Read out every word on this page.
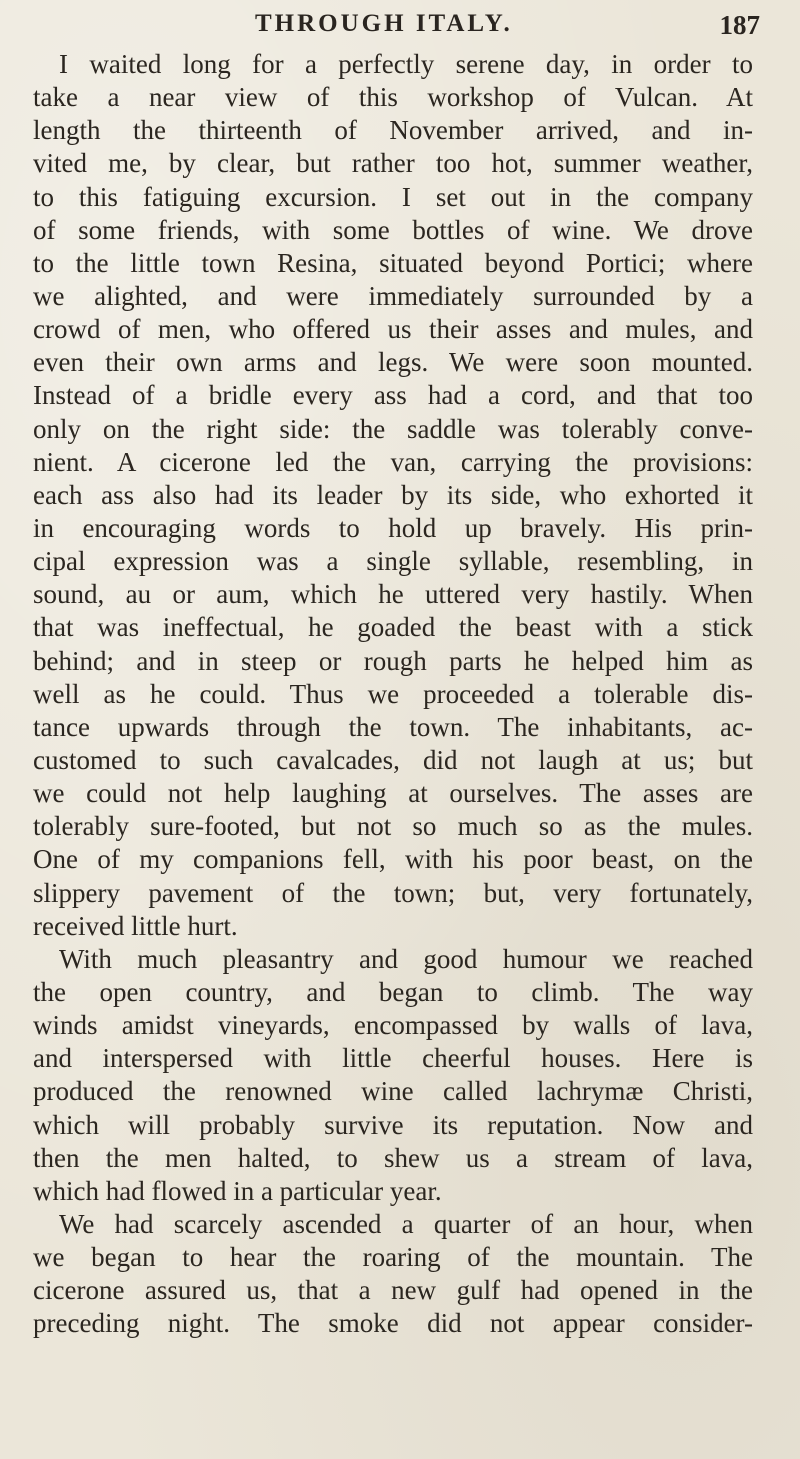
THROUGH ITALY.	187
I waited long for a perfectly serene day, in order to
take a near view of this workshop of Vulcan. At
length the thirteenth of November arrived, and in-
vited me, by clear, but rather too hot, summer weather,
to this fatiguing excursion. I set out in the company
of some friends, with some bottles of wine. We drove
to the little town Resina, situated beyond Portici; where
we alighted, and were immediately surrounded by a
crowd of men, who offered us their asses and mules, and
even their own arms and legs. We were soon mounted.
Instead of a bridle every ass had a cord, and that too
only on the right side: the saddle was tolerably conve-
nient. A cicerone led the van, carrying the provisions:
each ass also had its leader by its side, who exhorted it
in encouraging words to hold up bravely. His prin-
cipal expression was a single syllable, resembling, in
sound, au or aum, which he uttered very hastily. When
that was ineffectual, he goaded the beast with a stick
behind; and in steep or rough parts he helped him as
well as he could. Thus we proceeded a tolerable dis-
tance upwards through the town. The inhabitants, ac-
customed to such cavalcades, did not laugh at us; but
we could not help laughing at ourselves. The asses are
tolerably sure-footed, but not so much so as the mules.
One of my companions fell, with his poor beast, on the
slippery pavement of the town; but, very fortunately,
received little hurt.
With much pleasantry and good humour we reached
the open country, and began to climb. The way
winds amidst vineyards, encompassed by walls of lava,
and interspersed with little cheerful houses. Here is
produced the renowned wine called lachrymæ Christi,
which will probably survive its reputation. Now and
then the men halted, to shew us a stream of lava,
which had flowed in a particular year.
We had scarcely ascended a quarter of an hour, when
we began to hear the roaring of the mountain. The
cicerone assured us, that a new gulf had opened in the
preceding night. The smoke did not appear consider-
